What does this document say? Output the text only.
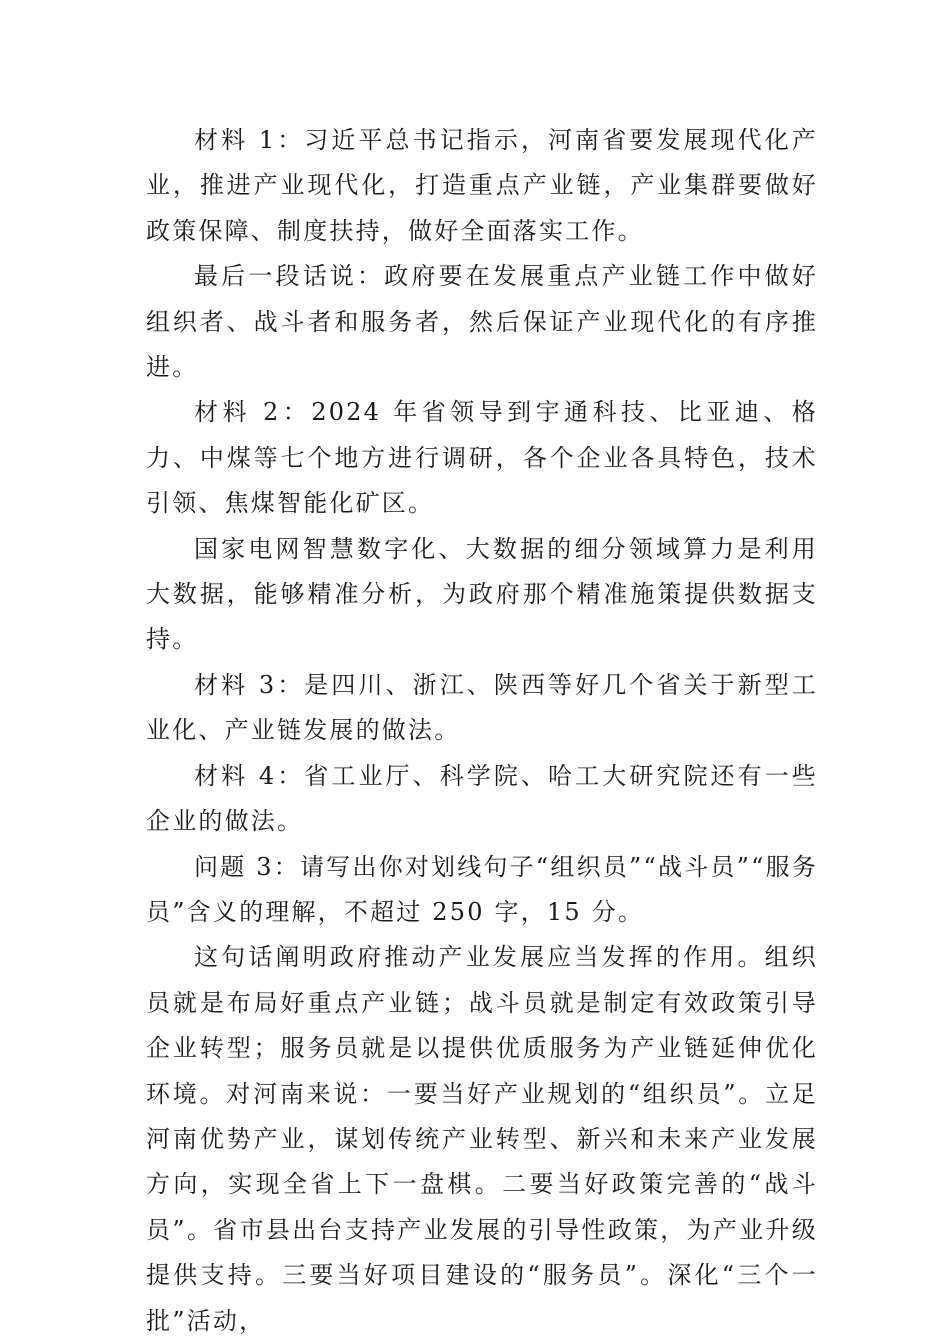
材料 1：习近平总书记指示，河南省要发展现代化产业，推进产业现代化，打造重点产业链，产业集群要做好政策保障、制度扶持，做好全面落实工作。

最后一段话说：政府要在发展重点产业链工作中做好组织者、战斗者和服务者，然后保证产业现代化的有序推进。

材料 2：2024 年省领导到宇通科技、比亚迪、格力、中煤等七个地方进行调研，各个企业各具特色，技术引领、焦煤智能化矿区。

国家电网智慧数字化、大数据的细分领域算力是利用大数据，能够精准分析，为政府那个精准施策提供数据支持。

材料 3：是四川、浙江、陕西等好几个省关于新型工业化、产业链发展的做法。

材料 4：省工业厅、科学院、哈工大研究院还有一些企业的做法。

问题 3：请写出你对划线句子“组织员”“战斗员”“服务员”含义的理解，不超过 250 字，15 分。

这句话阐明政府推动产业发展应当发挥的作用。组织员就是布局好重点产业链；战斗员就是制定有效政策引导企业转型；服务员就是以提供优质服务为产业链延伸优化环境。对河南来说：一要当好产业规划的“组织员”。立足河南优势产业，谋划传统产业转型、新兴和未来产业发展方向，实现全省上下一盘棋。二要当好政策完善的“战斗员”。省市县出台支持产业发展的引导性政策，为产业升级提供支持。三要当好项目建设的“服务员”。深化“三个一批”活动，
